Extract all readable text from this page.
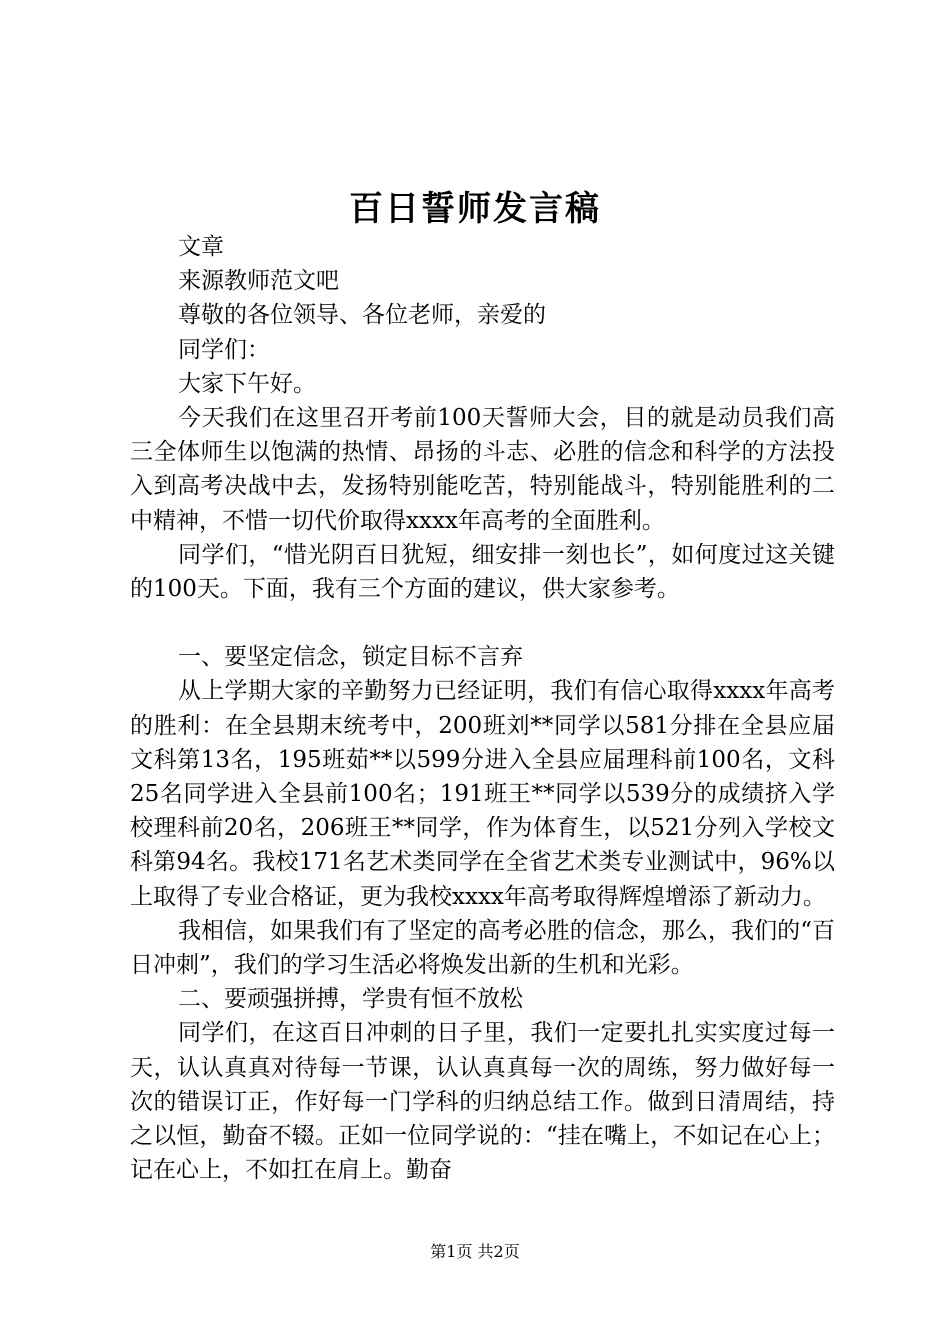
百日誓师发言稿

文章

来源教师范文吧

尊敬的各位领导、各位老师，亲爱的

同学们：

大家下午好。

今天我们在这里召开考前100天誓师大会，目的就是动员我们高三全体师生以饱满的热情、昂扬的斗志、必胜的信念和科学的方法投入到高考决战中去，发扬特别能吃苦，特别能战斗，特别能胜利的二中精神，不惜一切代价取得xxxx年高考的全面胜利。

同学们，“惜光阴百日犹短，细安排一刻也长”，如何度过这关键的100天。下面，我有三个方面的建议，供大家参考。

一、要坚定信念，锁定目标不言弃

从上学期大家的辛勤努力已经证明，我们有信心取得xxxx年高考的胜利：在全县期末统考中，200班刘**同学以581分排在全县应届文科第13名，195班茹**以599分进入全县应届理科前100名，文科25名同学进入全县前100名；191班王**同学以539分的成绩挤入学校理科前20名，206班王**同学，作为体育生，以521分列入学校文科第94名。我校171名艺术类同学在全省艺术类专业测试中，96%以上取得了专业合格证，更为我校xxxx年高考取得辉煌增添了新动力。

我相信，如果我们有了坚定的高考必胜的信念，那么，我们的“百日冲刺”，我们的学习生活必将焕发出新的生机和光彩。

二、要顽强拼搏，学贵有恒不放松

同学们，在这百日冲刺的日子里，我们一定要扎扎实实度过每一天，认认真真对待每一节课，认认真真每一次的周练，努力做好每一次的错误订正，作好每一门学科的归纳总结工作。做到日清周结，持之以恒，勤奋不辍。正如一位同学说的：“挂在嘴上，不如记在心上；记在心上，不如扛在肩上。勤奋

第1页 共2页
